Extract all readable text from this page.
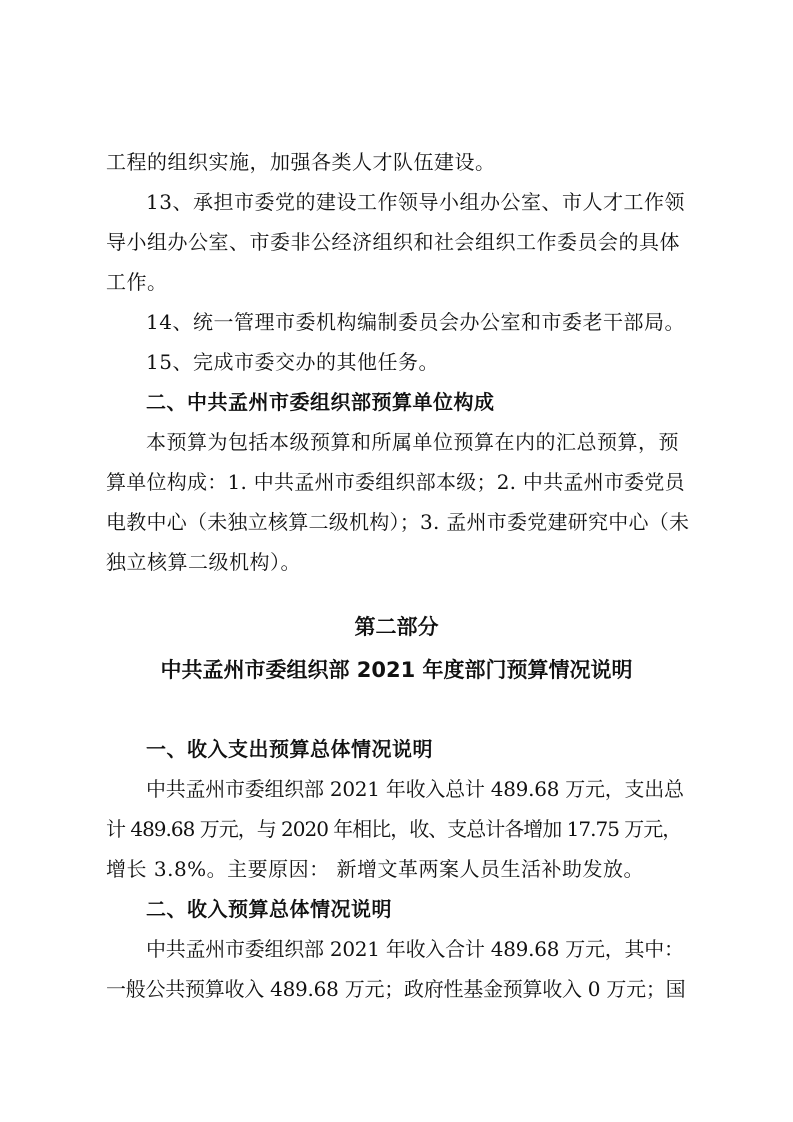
工程的组织实施，加强各类人才队伍建设。
13、承担市委党的建设工作领导小组办公室、市人才工作领
导小组办公室、市委非公经济组织和社会组织工作委员会的具体
工作。
14、统一管理市委机构编制委员会办公室和市委老干部局。
15、完成市委交办的其他任务。
二、中共孟州市委组织部预算单位构成
本预算为包括本级预算和所属单位预算在内的汇总预算，预
算单位构成：1. 中共孟州市委组织部本级；2. 中共孟州市委党员
电教中心（未独立核算二级机构）；3. 孟州市委党建研究中心（未
独立核算二级机构）。
第二部分
中共孟州市委组织部 2021 年度部门预算情况说明
一、收入支出预算总体情况说明
中共孟州市委组织部 2021 年收入总计 489.68 万元，支出总
计 489.68 万元，与 2020 年相比，收、支总计各增加 17.75 万元，
增长 3.8%。主要原因： 新增文革两案人员生活补助发放。
二、收入预算总体情况说明
中共孟州市委组织部 2021 年收入合计 489.68 万元，其中：
一般公共预算收入 489.68 万元；政府性基金预算收入 0 万元；国
